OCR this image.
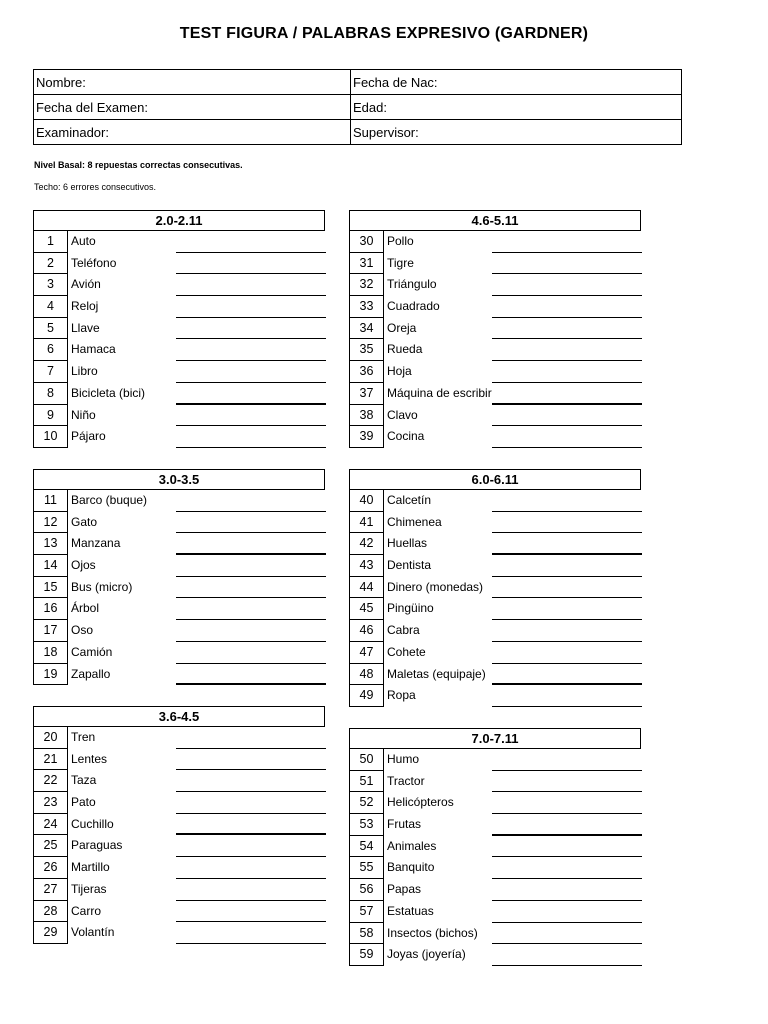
TEST FIGURA / PALABRAS EXPRESIVO (GARDNER)
Nombre:	Fecha de Nac:
Fecha del Examen:	Edad:
Examinador:	Supervisor:
Nivel Basal: 8 repuestas correctas consecutivas.
Techo: 6 errores consecutivos.
2.0-2.11
1	Auto
2	Teléfono
3	Avión
4	Reloj
5	Llave
6	Hamaca
7	Libro
8	Bicicleta (bici)
9	Niño
10	Pájaro
3.0-3.5
11	Barco (buque)
12	Gato
13	Manzana
14	Ojos
15	Bus (micro)
16	Árbol
17	Oso
18	Camión
19	Zapallo
3.6-4.5
20	Tren
21	Lentes
22	Taza
23	Pato
24	Cuchillo
25	Paraguas
26	Martillo
27	Tijeras
28	Carro
29	Volantín
4.6-5.11
30	Pollo
31	Tigre
32	Triángulo
33	Cuadrado
34	Oreja
35	Rueda
36	Hoja
37	Máquina de escribir
38	Clavo
39	Cocina
6.0-6.11
40	Calcetín
41	Chimenea
42	Huellas
43	Dentista
44	Dinero (monedas)
45	Pingüino
46	Cabra
47	Cohete
48	Maletas (equipaje)
49	Ropa
7.0-7.11
50	Humo
51	Tractor
52	Helicópteros
53	Frutas
54	Animales
55	Banquito
56	Papas
57	Estatuas
58	Insectos (bichos)
59	Joyas (joyería)
